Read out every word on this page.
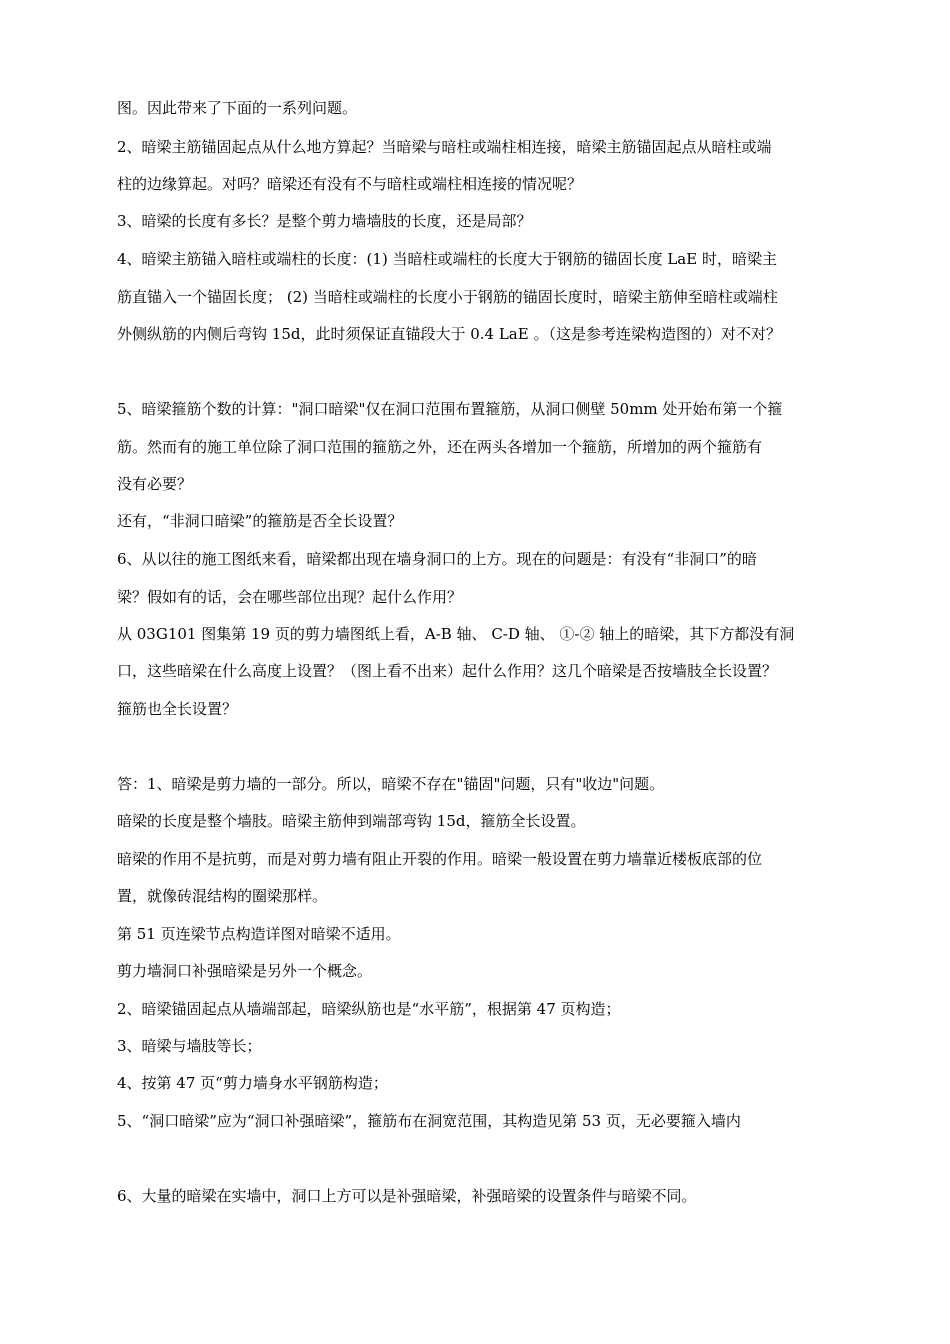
图。因此带来了下面的一系列问题。
2、暗梁主筋锚固起点从什么地方算起？当暗梁与暗柱或端柱相连接，暗梁主筋锚固起点从暗柱或端
柱的边缘算起。对吗？暗梁还有没有不与暗柱或端柱相连接的情况呢？
3、暗梁的长度有多长？是整个剪力墙墙肢的长度，还是局部？
4、暗梁主筋锚入暗柱或端柱的长度：(1) 当暗柱或端柱的长度大于钢筋的锚固长度 LaE 时，暗梁主
筋直锚入一个锚固长度； (2) 当暗柱或端柱的长度小于钢筋的锚固长度时，暗梁主筋伸至暗柱或端柱
外侧纵筋的内侧后弯钩 15d，此时须保证直锚段大于 0.4 LaE 。（这是参考连梁构造图的）对不对？
5、暗梁箍筋个数的计算："洞口暗梁"仅在洞口范围布置箍筋，从洞口侧壁 50mm 处开始布第一个箍
筋。然而有的施工单位除了洞口范围的箍筋之外，还在两头各增加一个箍筋，所增加的两个箍筋有
没有必要？
还有，“非洞口暗梁”的箍筋是否全长设置？
6、从以往的施工图纸来看，暗梁都出现在墙身洞口的上方。现在的问题是：有没有“非洞口”的暗
梁？假如有的话，会在哪些部位出现？起什么作用？
从 03G101 图集第 19 页的剪力墙图纸上看，A-B 轴、 C-D 轴、 ①-② 轴上的暗梁，其下方都没有洞
口，这些暗梁在什么高度上设置？（图上看不出来）起什么作用？这几个暗梁是否按墙肢全长设置？
箍筋也全长设置？
答：1、暗梁是剪力墙的一部分。所以，暗梁不存在"锚固"问题，只有"收边"问题。
暗梁的长度是整个墙肢。暗梁主筋伸到端部弯钩 15d，箍筋全长设置。
暗梁的作用不是抗剪，而是对剪力墙有阻止开裂的作用。暗梁一般设置在剪力墙靠近楼板底部的位
置，就像砖混结构的圈梁那样。
第 51 页连梁节点构造详图对暗梁不适用。
剪力墙洞口补强暗梁是另外一个概念。
2、暗梁锚固起点从墙端部起，暗梁纵筋也是“水平筋”，根据第 47 页构造；
3、暗梁与墙肢等长；
4、按第 47 页“剪力墙身水平钢筋构造；
5、“洞口暗梁”应为“洞口补强暗梁”，箍筋布在洞宽范围，其构造见第 53 页，无必要箍入墙内
6、大量的暗梁在实墙中，洞口上方可以是补强暗梁，补强暗梁的设置条件与暗梁不同。
